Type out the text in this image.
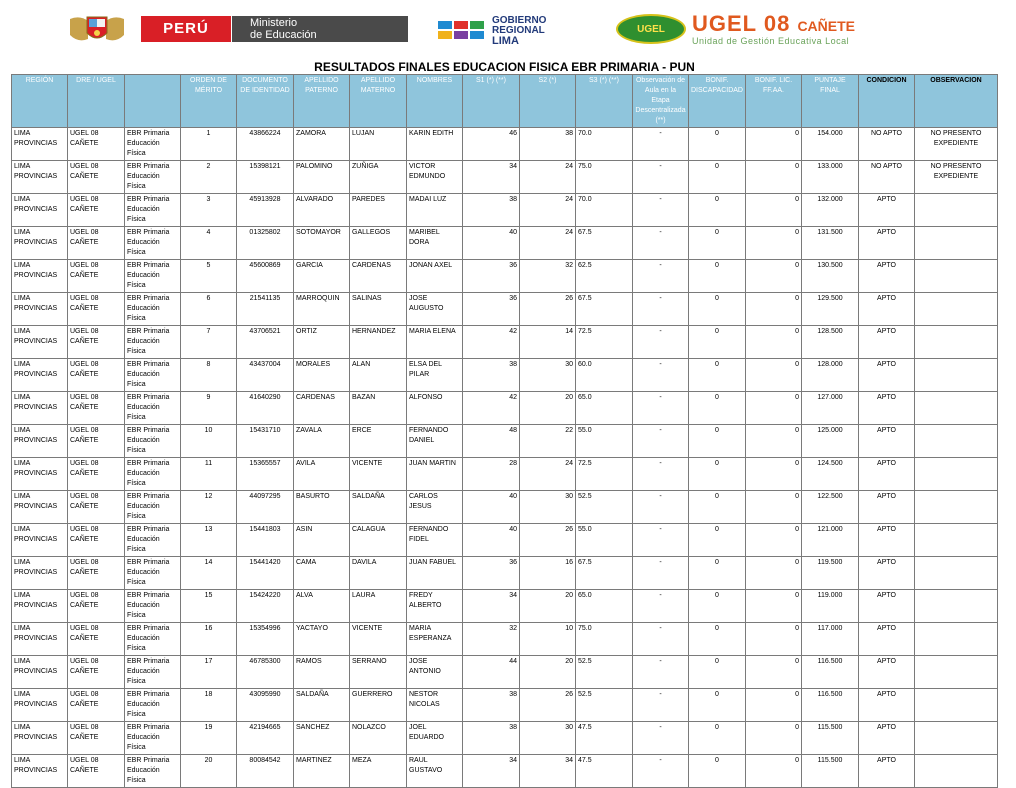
PERÚ	Ministerio
de Educación
GOBIERNO
REGIONAL
LIMA
UGEL	UGEL 08 CAÑETE
Unidad de Gestión Educativa Local
RESULTADOS FINALES EDUCACION FISICA EBR PRIMARIA - PUN
REGIÓN	DRE / UGEL		ORDEN DE MÉRITO	DOCUMENTO DE IDENTIDAD	APELLIDO PATERNO	APELLIDO MATERNO	NOMBRES	S1 (*) (**)	S2 (*)	S3 (*) (**)	Observación de Aula en la Etapa Descentralizada (**)	BONIF. DISCAPACIDAD	BONIF. LIC. FF.AA.	PUNTAJE FINAL	CONDICION	OBSERVACION
LIMA PROVINCIAS	UGEL 08 CAÑETE	EBR Primaria Educación Física	1	43866224	ZAMORA	LUJAN	KARIN EDITH	46	38	70.0	-	0	0	154.000	NO APTO	NO PRESENTO EXPEDIENTE
LIMA PROVINCIAS	UGEL 08 CAÑETE	EBR Primaria Educación Física	2	15398121	PALOMINO	ZUÑIGA	VICTOR EDMUNDO	34	24	75.0	-	0	0	133.000	NO APTO	NO PRESENTO EXPEDIENTE
LIMA PROVINCIAS	UGEL 08 CAÑETE	EBR Primaria Educación Física	3	45913928	ALVARADO	PAREDES	MADAI LUZ	38	24	70.0	-	0	0	132.000	APTO	
LIMA PROVINCIAS	UGEL 08 CAÑETE	EBR Primaria Educación Física	4	01325802	SOTOMAYOR	GALLEGOS	MARIBEL DORA	40	24	67.5	-	0	0	131.500	APTO	
LIMA PROVINCIAS	UGEL 08 CAÑETE	EBR Primaria Educación Física	5	45600869	GARCIA	CARDENAS	JONAN AXEL	36	32	62.5	-	0	0	130.500	APTO	
LIMA PROVINCIAS	UGEL 08 CAÑETE	EBR Primaria Educación Física	6	21541135	MARROQUIN	SALINAS	JOSE AUGUSTO	36	26	67.5	-	0	0	129.500	APTO	
LIMA PROVINCIAS	UGEL 08 CAÑETE	EBR Primaria Educación Física	7	43706521	ORTIZ	HERNANDEZ	MARIA ELENA	42	14	72.5	-	0	0	128.500	APTO	
LIMA PROVINCIAS	UGEL 08 CAÑETE	EBR Primaria Educación Física	8	43437004	MORALES	ALAN	ELSA DEL PILAR	38	30	60.0	-	0	0	128.000	APTO	
LIMA PROVINCIAS	UGEL 08 CAÑETE	EBR Primaria Educación Física	9	41640290	CARDENAS	BAZAN	ALFONSO	42	20	65.0	-	0	0	127.000	APTO	
LIMA PROVINCIAS	UGEL 08 CAÑETE	EBR Primaria Educación Física	10	15431710	ZAVALA	ERCE	FERNANDO DANIEL	48	22	55.0	-	0	0	125.000	APTO	
LIMA PROVINCIAS	UGEL 08 CAÑETE	EBR Primaria Educación Física	11	15365557	AVILA	VICENTE	JUAN MARTIN	28	24	72.5	-	0	0	124.500	APTO	
LIMA PROVINCIAS	UGEL 08 CAÑETE	EBR Primaria Educación Física	12	44097295	BASURTO	SALDAÑA	CARLOS JESUS	40	30	52.5	-	0	0	122.500	APTO	
LIMA PROVINCIAS	UGEL 08 CAÑETE	EBR Primaria Educación Física	13	15441803	ASIN	CALAGUA	FERNANDO FIDEL	40	26	55.0	-	0	0	121.000	APTO	
LIMA PROVINCIAS	UGEL 08 CAÑETE	EBR Primaria Educación Física	14	15441420	CAMA	DAVILA	JUAN FABUEL	36	16	67.5	-	0	0	119.500	APTO	
LIMA PROVINCIAS	UGEL 08 CAÑETE	EBR Primaria Educación Física	15	15424220	ALVA	LAURA	FREDY ALBERTO	34	20	65.0	-	0	0	119.000	APTO	
LIMA PROVINCIAS	UGEL 08 CAÑETE	EBR Primaria Educación Física	16	15354996	YACTAYO	VICENTE	MARIA ESPERANZA	32	10	75.0	-	0	0	117.000	APTO	
LIMA PROVINCIAS	UGEL 08 CAÑETE	EBR Primaria Educación Física	17	46785300	RAMOS	SERRANO	JOSE ANTONIO	44	20	52.5	-	0	0	116.500	APTO	
LIMA PROVINCIAS	UGEL 08 CAÑETE	EBR Primaria Educación Física	18	43095990	SALDAÑA	GUERRERO	NESTOR NICOLAS	38	26	52.5	-	0	0	116.500	APTO	
LIMA PROVINCIAS	UGEL 08 CAÑETE	EBR Primaria Educación Física	19	42194665	SANCHEZ	NOLAZCO	JOEL EDUARDO	38	30	47.5	-	0	0	115.500	APTO	
LIMA PROVINCIAS	UGEL 08 CAÑETE	EBR Primaria Educación Física	20	80084542	MARTINEZ	MEZA	RAUL GUSTAVO	34	34	47.5	-	0	0	115.500	APTO	
